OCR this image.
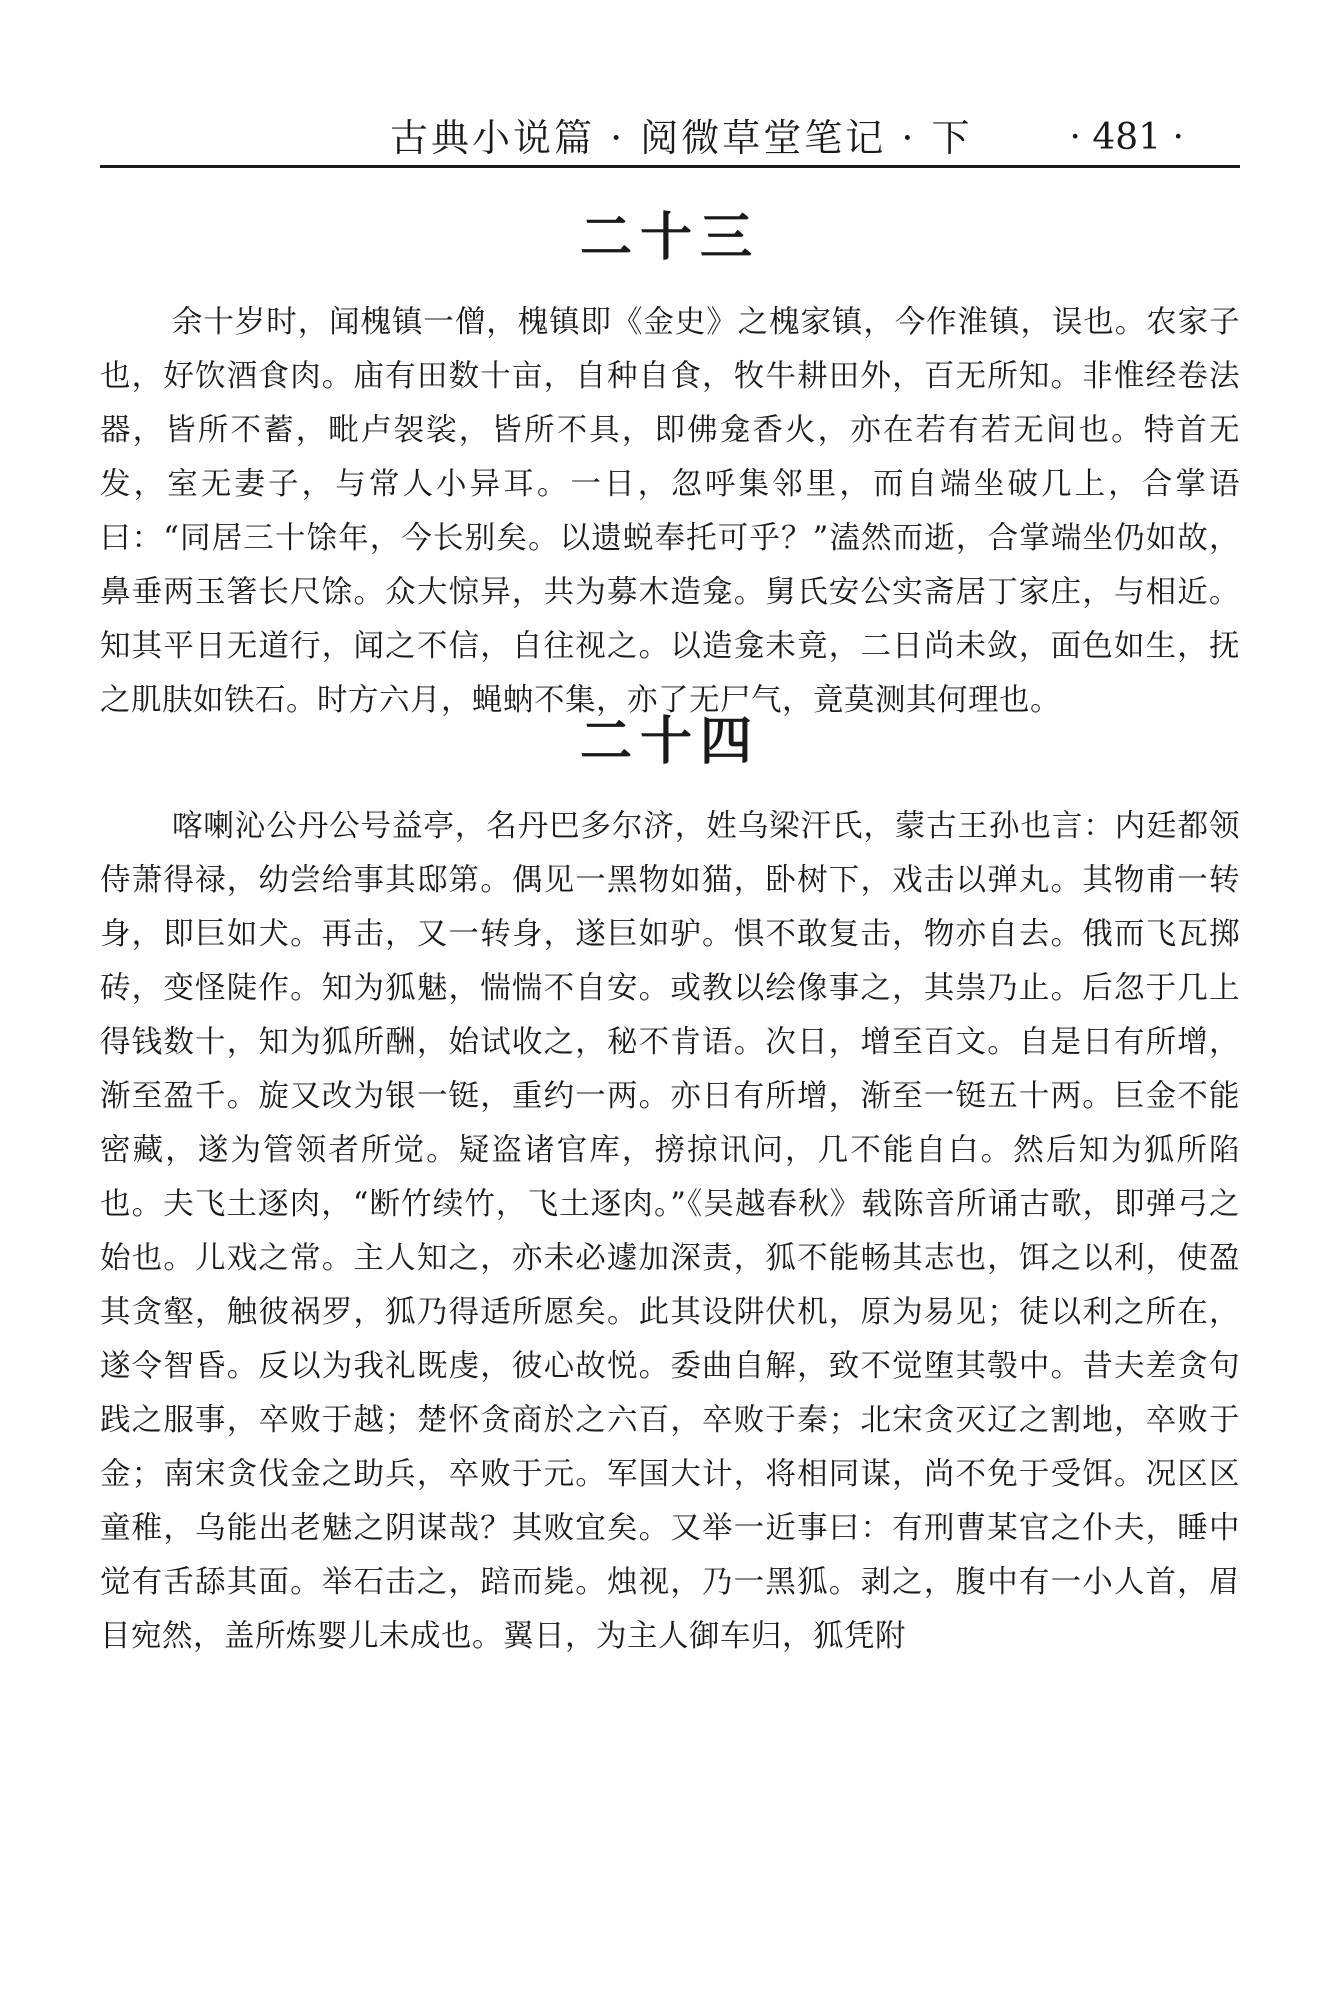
古典小说篇 · 阅微草堂笔记 · 下	· 481 ·
二十三

余十岁时，闻槐镇一僧，槐镇即《金史》之槐家镇，今作淮镇，误也。农家子也，好饮酒食肉。庙有田数十亩，自种自食，牧牛耕田外，百无所知。非惟经卷法器，皆所不蓄，毗卢袈裟，皆所不具，即佛龛香火，亦在若有若无间也。特首无发，室无妻子，与常人小异耳。一日，忽呼集邻里，而自端坐破几上，合掌语曰：“同居三十馀年，今长别矣。以遗蜕奉托可乎？”溘然而逝，合掌端坐仍如故，鼻垂两玉箸长尺馀。众大惊异，共为募木造龛。舅氏安公实斋居丁家庄，与相近。知其平日无道行，闻之不信，自往视之。以造龛未竟，二日尚未敛，面色如生，抚之肌肤如铁石。时方六月，蝇蚋不集，亦了无尸气，竟莫测其何理也。

二十四

喀喇沁公丹公号益亭，名丹巴多尔济，姓乌梁汗氏，蒙古王孙也言：内廷都领侍萧得禄，幼尝给事其邸第。偶见一黑物如猫，卧树下，戏击以弹丸。其物甫一转身，即巨如犬。再击，又一转身，遂巨如驴。惧不敢复击，物亦自去。俄而飞瓦掷砖，变怪陡作。知为狐魅，惴惴不自安。或教以绘像事之，其祟乃止。后忽于几上得钱数十，知为狐所酬，始试收之，秘不肯语。次日，增至百文。自是日有所增，渐至盈千。旋又改为银一铤，重约一两。亦日有所增，渐至一铤五十两。巨金不能密藏，遂为管领者所觉。疑盗诸官库，搒掠讯问，几不能自白。然后知为狐所陷也。夫飞土逐肉，“断竹续竹，飞土逐肉。”《吴越春秋》载陈音所诵古歌，即弹弓之始也。儿戏之常。主人知之，亦未必遽加深责，狐不能畅其志也，饵之以利，使盈其贪壑，触彼祸罗，狐乃得适所愿矣。此其设阱伏机，原为易见；徒以利之所在，遂令智昏。反以为我礼既虔，彼心故悦。委曲自解，致不觉堕其彀中。昔夫差贪句践之服事，卒败于越；楚怀贪商於之六百，卒败于秦；北宋贪灭辽之割地，卒败于金；南宋贪伐金之助兵，卒败于元。军国大计，将相同谋，尚不免于受饵。况区区童稚，乌能出老魅之阴谋哉？其败宜矣。又举一近事曰：有刑曹某官之仆夫，睡中觉有舌舔其面。举石击之，踣而毙。烛视，乃一黑狐。剥之，腹中有一小人首，眉目宛然，盖所炼婴儿未成也。翼日，为主人御车归，狐凭附
